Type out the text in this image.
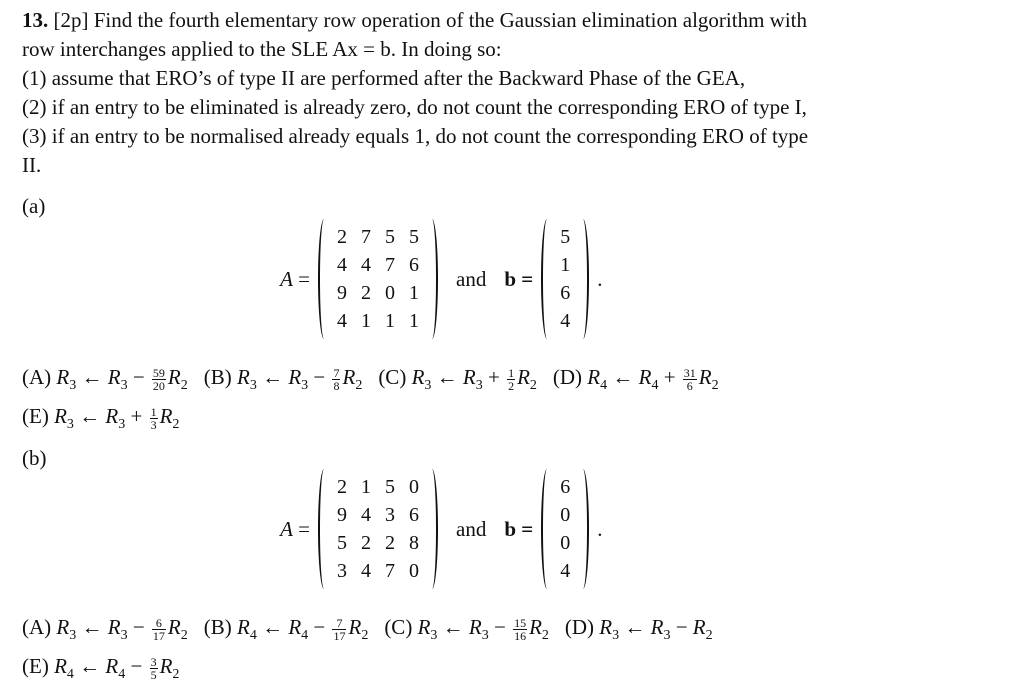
13. [2p] Find the fourth elementary row operation of the Gaussian elimination algorithm with
row interchanges applied to the SLE Ax = b. In doing so:
(1) assume that ERO’s of type II are performed after the Backward Phase of the GEA,
(2) if an entry to be eliminated is already zero, do not count the corresponding ERO of type I,
(3) if an entry to be normalised already equals 1, do not count the corresponding ERO of type
II.
(a)
A =
2	7	5	5
4	4	7	6
9	2	0	1
4	1	1	1
and b =
5
1
6
4
.
(A) $R_3$ ← $R_3 - \frac{59}{20} R_2$ (B) $R_3$ ← $R_3 - \frac{7}{8} R_2$ (C) $R_3$ ← $R_3 + \frac{1}{2} R_2$ (D) $R_4$ ← $R_4 + \frac{31}{6} R_2$
(E) $R_3$ ← $R_3 + \frac{1}{3} R_2$
(b)
A =
2	1	5	0
9	4	3	6
5	2	2	8
3	4	7	0
and b =
6
0
0
4
.
(A) $R_3$ ← $R_3 - \frac{6}{17} R_2$ (B) $R_4$ ← $R_4 - \frac{7}{17} R_2$ (C) $R_3$ ← $R_3 - \frac{15}{16} R_2$ (D) $R_3$ ← $R_3 - R_2$
(E) $R_4$ ← $R_4 - \frac{3}{5} R_2$
